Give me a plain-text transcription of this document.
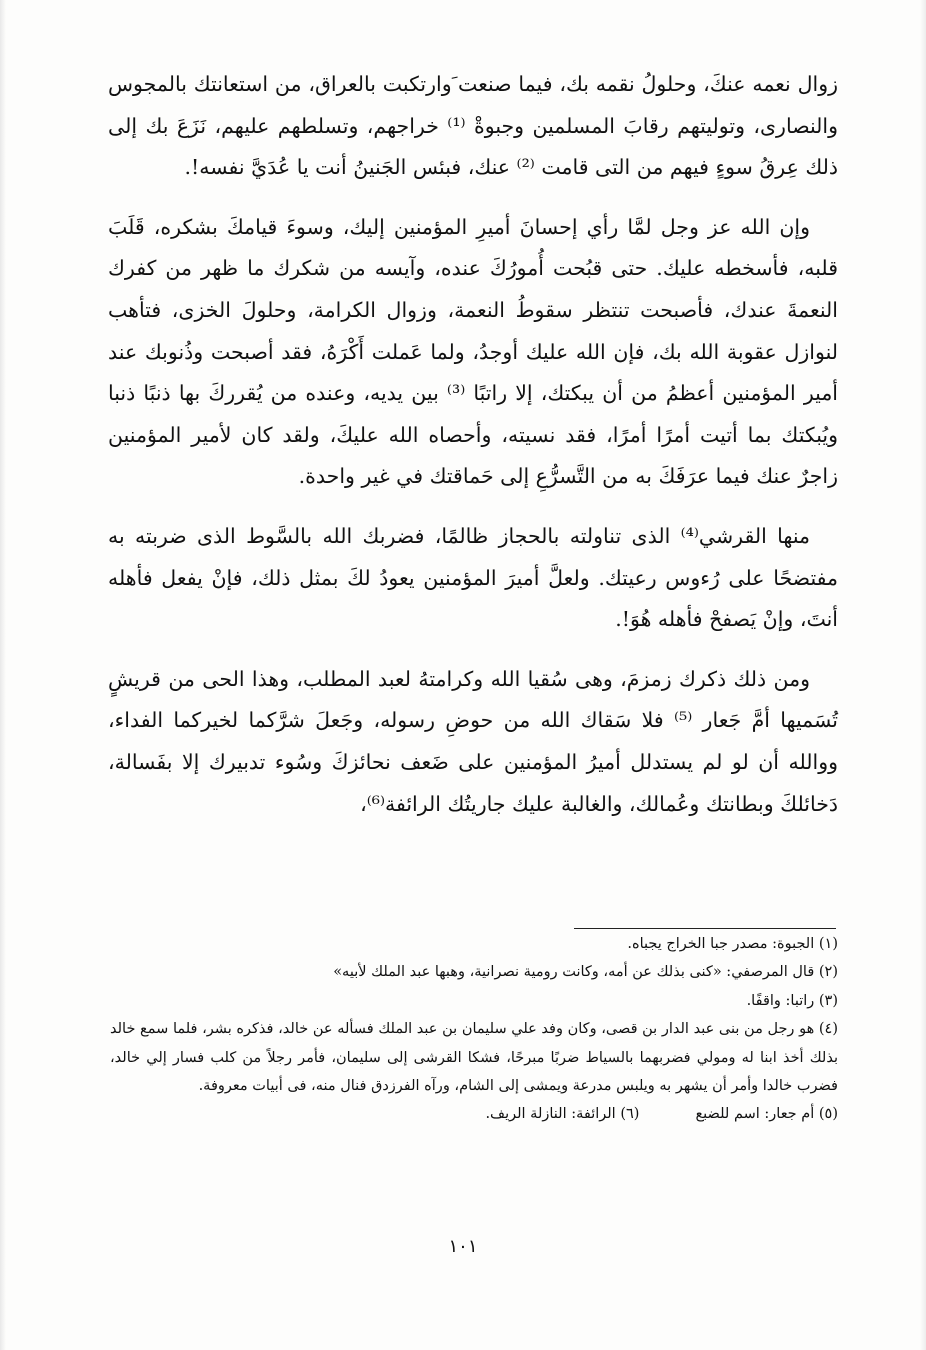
زوال نعمه عنكَ، وحلولُ نقمه بك، فيما صنعت َوارتكبت بالعراق، من استعانتك بالمجوس والنصارى، وتوليتهم رقابَ المسلمين وجبوةْ ⁽¹⁾ خراجهم، وتسلطهم عليهم، نَزَعَ بك إلى ذلك عِرقُ سوءٍ فيهم من التى قامت ⁽²⁾ عنك، فبئس الجَنينُ أنت يا عُدَيَّ نفسه!.

وإن الله عز وجل لمَّا رأي إحسانَ أميرِ المؤمنين إليك، وسوءَ قيامكَ بشكره، قَلَبَ قلبه، فأسخطه عليك. حتى قبُحت أُمورُكَ عنده، وآيسه من شكرك ما ظهر من كفرك النعمةَ عندك، فأصبحت تنتظر سقوطُ النعمة، وزوال الكرامة، وحلولَ الخزى، فتأهب لنوازل عقوبة الله بك، فإن الله عليك أوجدُ، ولما عَملت أَكْرَهُ، فقد أصبحت وذُنوبك عند أمير المؤمنين أعظمُ من أن يبكتك، إلا راتبًا ⁽³⁾ بين يديه، وعنده من يُقرركَ بها ذنبًا ذنبا ويُبكتك بما أتيت أمرًا أمرًا، فقد نسيته، وأحصاه الله عليكَ، ولقد كان لأمير المؤمنين زاجرٌ عنك فيما عرَفَكَ به من التَّسرُّعِ إلى حَماقتك في غير واحدة.

منها القرشي⁽⁴⁾ الذى تناولته بالحجاز ظالمًا، فضربك الله بالسَّوط الذى ضربته به مفتضحًا على رُءوس رعيتك. ولعلَّ أميرَ المؤمنين يعودُ لكَ بمثل ذلك، فإنْ يفعل فأهله أنتَ، وإنْ يَصفحْ فأهله هُوَ!.

ومن ذلك ذكرك زمزمَ، وهى سُقيا الله وكرامتهُ لعبد المطلب، وهذا الحى من قريشٍ تُسَميها أمَّ جَعار ⁽⁵⁾ فلا سَقاك الله من حوضِ رسوله، وجَعلَ شرَّكما لخيركما الفداء، ووالله أن لو لم يستدلل أميرُ المؤمنين على ضَعف نحائزكَ وسُوء تدبيرك إلا بفَسالة، دَخائلكَ وبطانتك وعُمالك، والغالبة عليك جاريتُك الرائفة⁽⁶⁾،

(١) الجبوة: مصدر جبا الخراج يجباه.

(٢) قال المرصفي: «كنى بذلك عن أمه، وكانت رومية نصرانية، وهبها عبد الملك لأبيه»

(٣) راتبا: واقفًا.

(٤) هو رجل من بنى عبد الدار بن قصى، وكان وفد علي سليمان بن عبد الملك فسأله عن خالد، فذكره بشر، فلما سمع خالد بذلك أخذ ابنا له ومولي فضربهما بالسياط ضربًا مبرحًا، فشكا القرشى إلى سليمان، فأمر رجلاً من كلب فسار إلي خالد، فضرب خالدا وأمر أن يشهر به ويلبس مدرعة ويمشى إلى الشام، ورآه الفرزدق فنال منه، فى أبيات معروفة.

(٥) أم جعار: اسم للضبع
(٦) الرائفة: النازلة الريف.
١٠١
